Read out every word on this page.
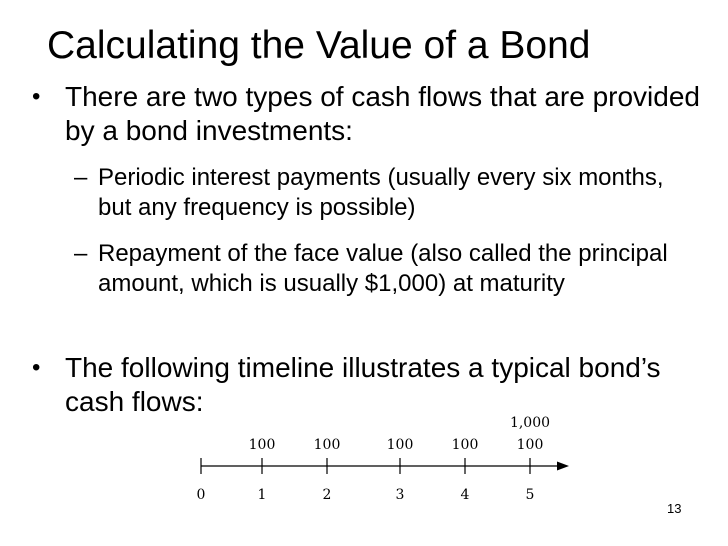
Calculating the Value of a Bond
• There are two types of cash flows that are provided by a bond investments:
– Periodic interest payments (usually every six months, but any frequency is possible)
– Repayment of the face value (also called the principal amount, which is usually $1,000) at maturity
• The following timeline illustrates a typical bond’s cash flows:
0	1
100
2
100
3
100
4
100
5
100
1,000
13
